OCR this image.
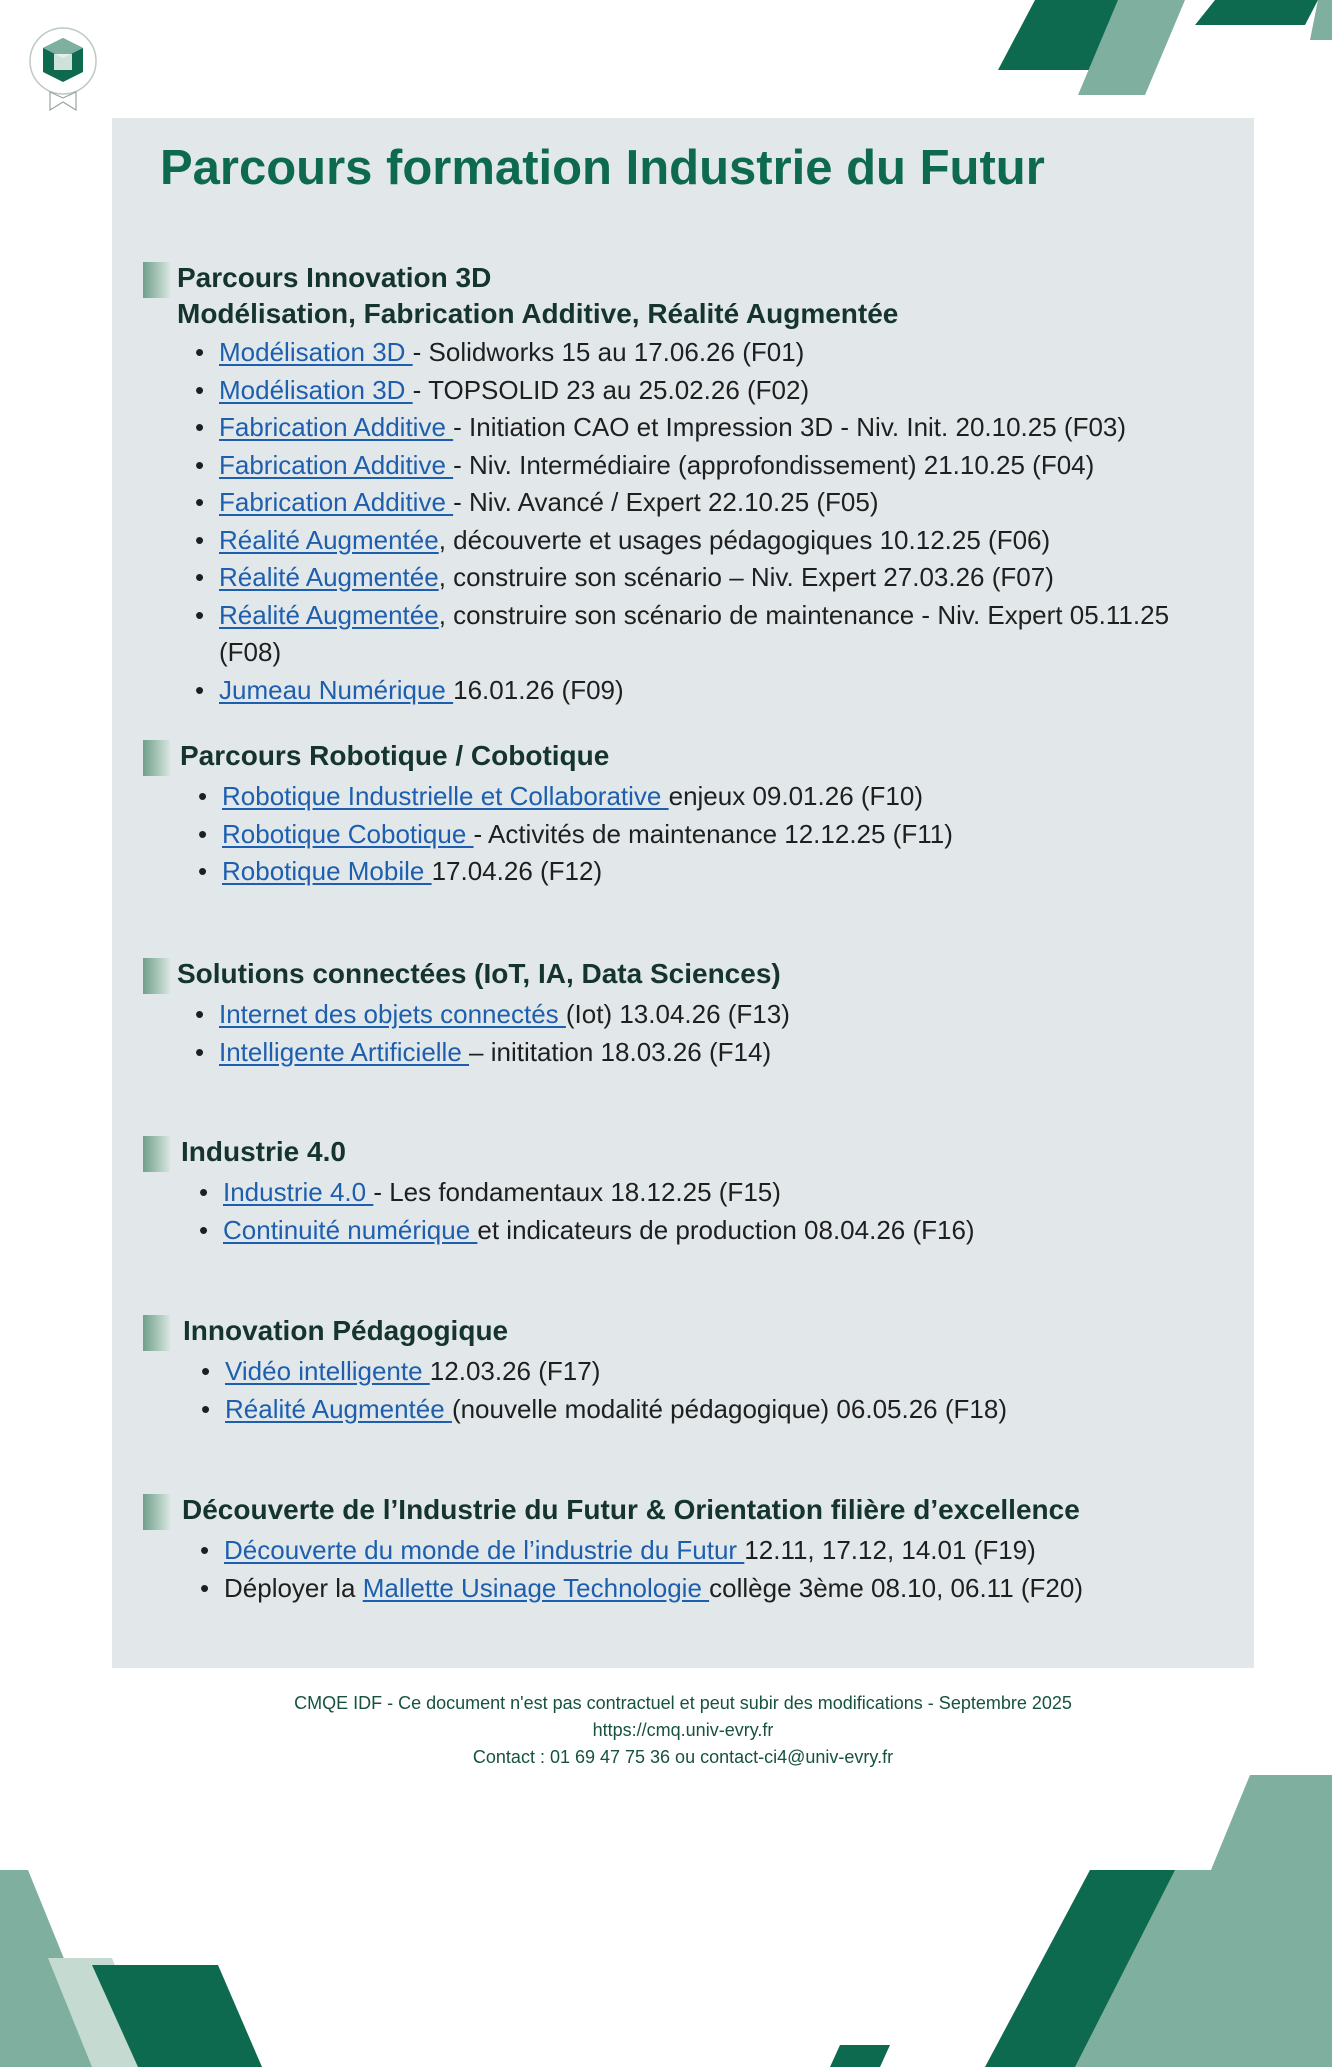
Parcours formation Industrie du Futur
Parcours Innovation 3D
Modélisation, Fabrication Additive, Réalité Augmentée
• Modélisation 3D - Solidworks 15 au 17.06.26 (F01)
• Modélisation 3D - TOPSOLID 23 au 25.02.26 (F02)
• Fabrication Additive - Initiation CAO et Impression 3D - Niv. Init. 20.10.25 (F03)
• Fabrication Additive - Niv. Intermédiaire (approfondissement) 21.10.25 (F04)
• Fabrication Additive - Niv. Avancé / Expert 22.10.25 (F05)
• Réalité Augmentée, découverte et usages pédagogiques 10.12.25 (F06)
• Réalité Augmentée, construire son scénario – Niv. Expert 27.03.26 (F07)
• Réalité Augmentée, construire son scénario de maintenance - Niv. Expert 05.11.25 (F08)
• Jumeau Numérique 16.01.26 (F09)
Parcours Robotique / Cobotique
• Robotique Industrielle et Collaborative enjeux 09.01.26 (F10)
• Robotique Cobotique - Activités de maintenance 12.12.25 (F11)
• Robotique Mobile 17.04.26 (F12)
Solutions connectées (IoT, IA, Data Sciences)
• Internet des objets connectés (Iot) 13.04.26 (F13)
• Intelligente Artificielle – inititation 18.03.26 (F14)
Industrie 4.0
• Industrie 4.0 - Les fondamentaux 18.12.25 (F15)
• Continuité numérique et indicateurs de production 08.04.26 (F16)
Innovation Pédagogique
• Vidéo intelligente 12.03.26 (F17)
• Réalité Augmentée (nouvelle modalité pédagogique) 06.05.26 (F18)
Découverte de l’Industrie du Futur & Orientation filière d’excellence
• Découverte du monde de l’industrie du Futur 12.11, 17.12, 14.01 (F19)
• Déployer la Mallette Usinage Technologie collège 3ème 08.10, 06.11 (F20)
CMQE IDF - Ce document n'est pas contractuel et peut subir des modifications - Septembre 2025
https://cmq.univ-evry.fr
Contact : 01 69 47 75 36 ou contact-ci4@univ-evry.fr
